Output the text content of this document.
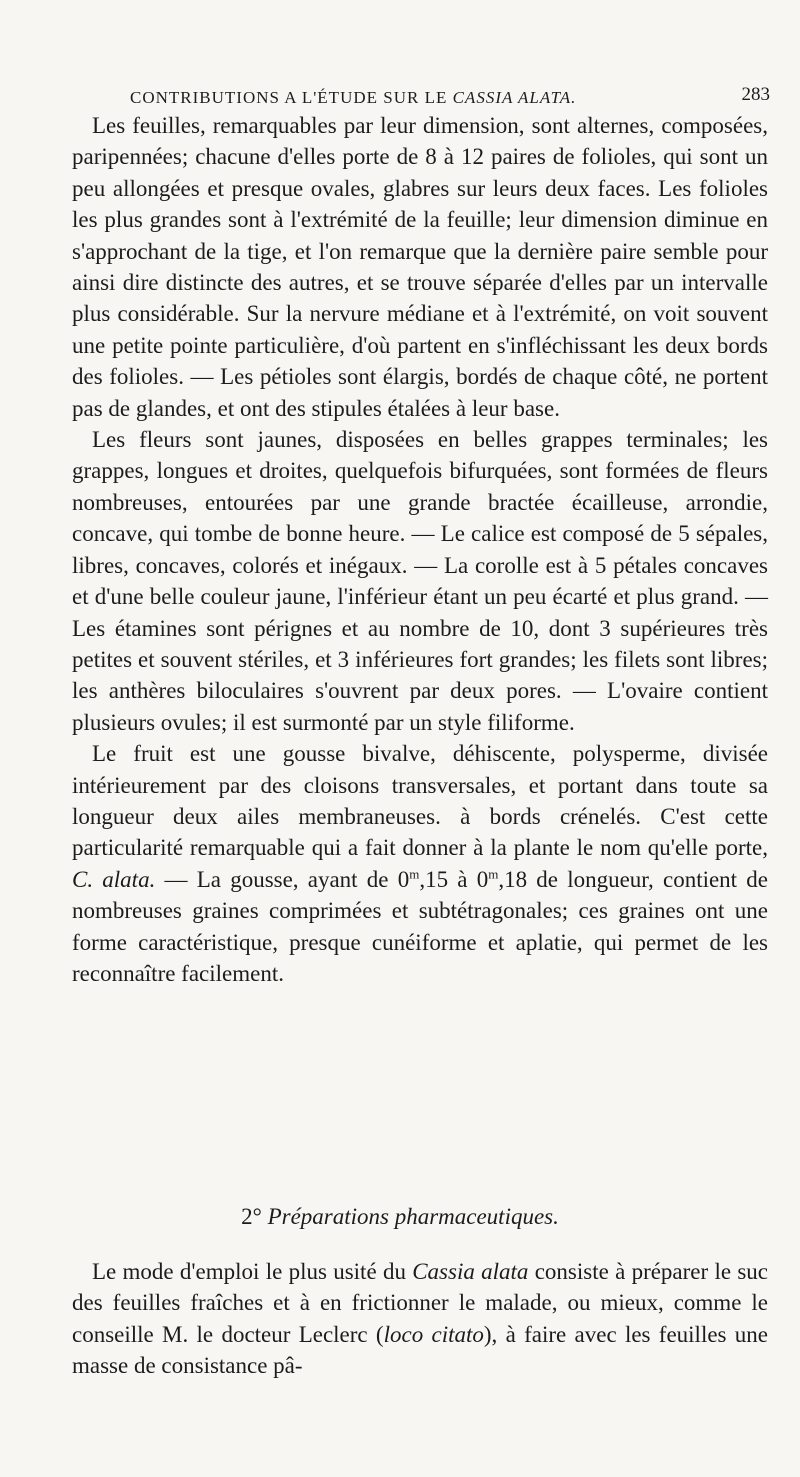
CONTRIBUTIONS A L'ÉTUDE SUR LE CASSIA ALATA.	283

Les feuilles, remarquables par leur dimension, sont alternes, composées, paripennées; chacune d'elles porte de 8 à 12 paires de folioles, qui sont un peu allongées et presque ovales, glabres sur leurs deux faces. Les folioles les plus grandes sont à l'extrémité de la feuille; leur dimension diminue en s'approchant de la tige, et l'on remarque que la dernière paire semble pour ainsi dire distincte des autres, et se trouve séparée d'elles par un intervalle plus considérable. Sur la nervure médiane et à l'extrémité, on voit souvent une petite pointe particulière, d'où partent en s'infléchissant les deux bords des folioles. — Les pétioles sont élargis, bordés de chaque côté, ne portent pas de glandes, et ont des stipules étalées à leur base.

Les fleurs sont jaunes, disposées en belles grappes terminales; les grappes, longues et droites, quelquefois bifurquées, sont formées de fleurs nombreuses, entourées par une grande bractée écailleuse, arrondie, concave, qui tombe de bonne heure. — Le calice est composé de 5 sépales, libres, concaves, colorés et inégaux. — La corolle est à 5 pétales concaves et d'une belle couleur jaune, l'inférieur étant un peu écarté et plus grand. — Les étamines sont pérignes et au nombre de 10, dont 3 supérieures très petites et souvent stériles, et 3 inférieures fort grandes; les filets sont libres; les anthères biloculaires s'ouvrent par deux pores. — L'ovaire contient plusieurs ovules; il est surmonté par un style filiforme.

Le fruit est une gousse bivalve, déhiscente, polysperme, divisée intérieurement par des cloisons transversales, et portant dans toute sa longueur deux ailes membraneuses. à bords crénelés. C'est cette particularité remarquable qui a fait donner à la plante le nom qu'elle porte, C. alata. — La gousse, ayant de 0$^m$,15 à 0$^m$,18 de longueur, contient de nombreuses graines comprimées et subtétragonales; ces graines ont une forme caractéristique, presque cunéiforme et aplatie, qui permet de les reconnaître facilement.

2° Préparations pharmaceutiques.

Le mode d'emploi le plus usité du Cassia alata consiste à préparer le suc des feuilles fraîches et à en frictionner le malade, ou mieux, comme le conseille M. le docteur Leclerc (loco citato), à faire avec les feuilles une masse de consistance pâ-
